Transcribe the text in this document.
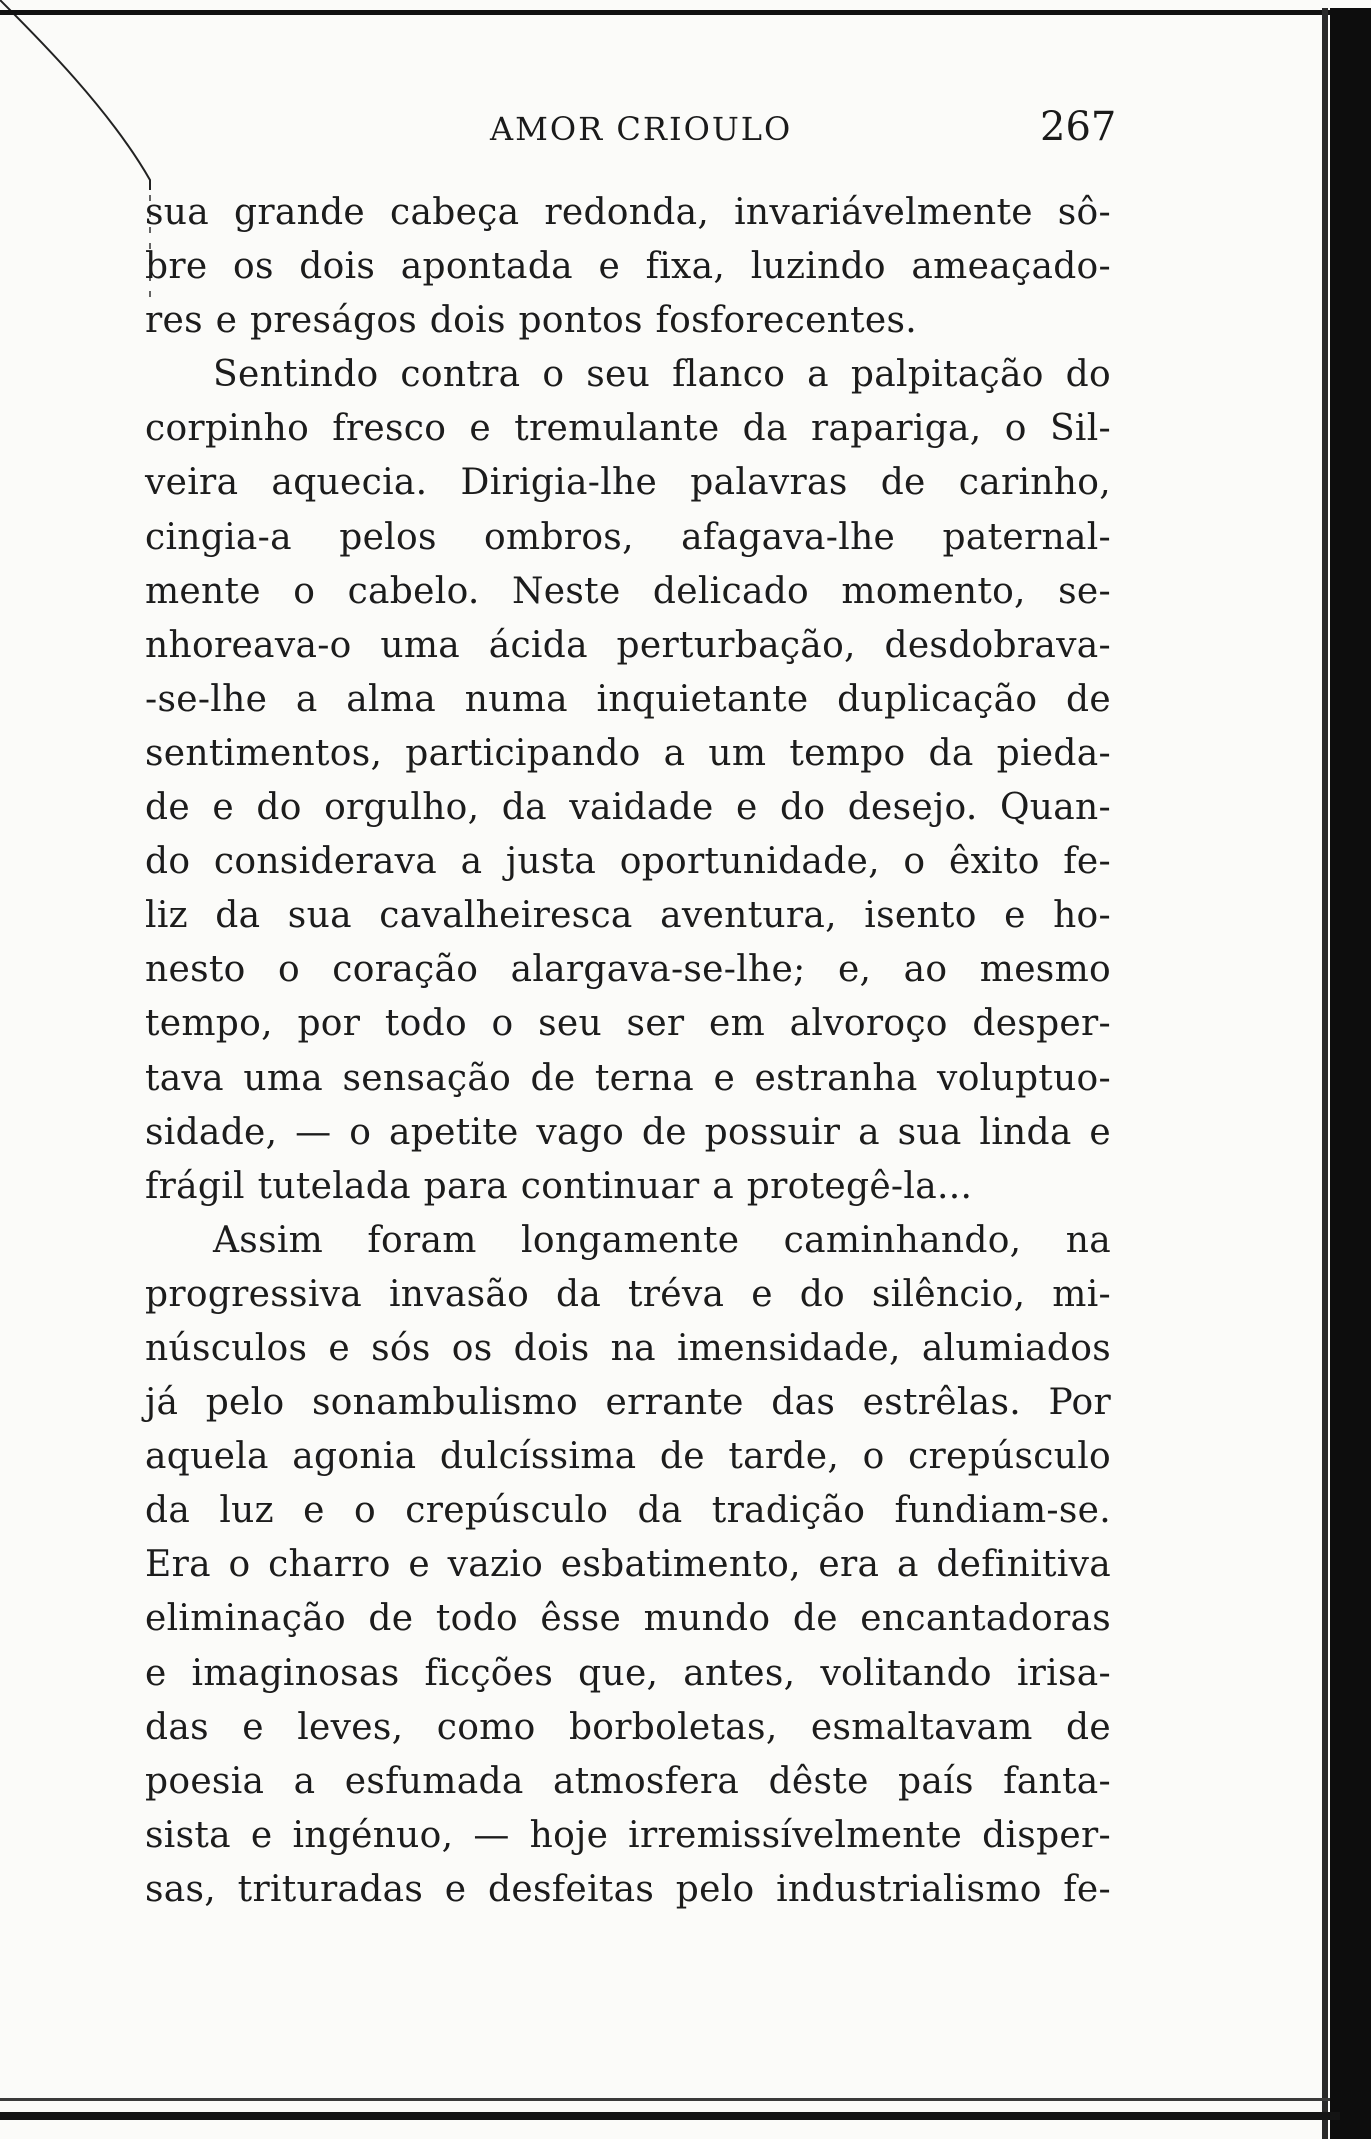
AMOR CRIOULO	267
sua grande cabeça redonda, invariávelmente sô-
bre os dois apontada e fixa, luzindo ameaçado-
res e preságos dois pontos fosforecentes.
Sentindo contra o seu flanco a palpitação do
corpinho fresco e tremulante da rapariga, o Sil-
veira aquecia. Dirigia-lhe palavras de carinho,
cingia-a pelos ombros, afagava-lhe paternal-
mente o cabelo. Neste delicado momento, se-
nhoreava-o uma ácida perturbação, desdobrava-
-se-lhe a alma numa inquietante duplicação de
sentimentos, participando a um tempo da pieda-
de e do orgulho, da vaidade e do desejo. Quan-
do considerava a justa oportunidade, o êxito fe-
liz da sua cavalheiresca aventura, isento e ho-
nesto o coração alargava-se-lhe; e, ao mesmo
tempo, por todo o seu ser em alvoroço desper-
tava uma sensação de terna e estranha voluptuo-
sidade, — o apetite vago de possuir a sua linda e
frágil tutelada para continuar a protegê-la...
Assim foram longamente caminhando, na
progressiva invasão da tréva e do silêncio, mi-
núsculos e sós os dois na imensidade, alumiados
já pelo sonambulismo errante das estrêlas. Por
aquela agonia dulcíssima de tarde, o crepúsculo
da luz e o crepúsculo da tradição fundiam-se.
Era o charro e vazio esbatimento, era a definitiva
eliminação de todo êsse mundo de encantadoras
e imaginosas ficções que, antes, volitando irisa-
das e leves, como borboletas, esmaltavam de
poesia a esfumada atmosfera dêste país fanta-
sista e ingénuo, — hoje irremissívelmente disper-
sas, trituradas e desfeitas pelo industrialismo fe-
